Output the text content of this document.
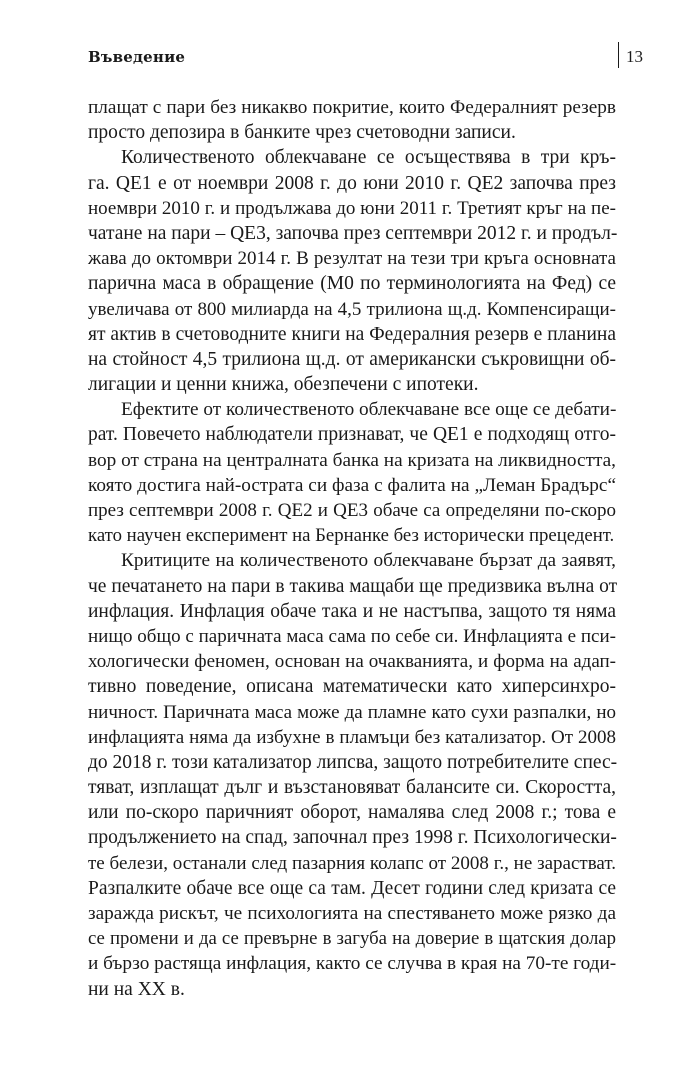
Въведение	13
плащат с пари без никакво покритие, които Федералният резерв
просто депозира в банките чрез счетоводни записи.
Количественото облекчаване се осъществява в три кръ-
га. QE1 е от ноември 2008 г. до юни 2010 г. QE2 започва през
ноември 2010 г. и продължава до юни 2011 г. Третият кръг на пе-
чатане на пари – QE3, започва през септември 2012 г. и продъл-
жава до октомври 2014 г. В резултат на тези три кръга основната
парична маса в обращение (M0 по терминологията на Фед) се
увеличава от 800 милиарда на 4,5 трилиона щ.д. Компенсиращи-
ят актив в счетоводните книги на Федералния резерв е планина
на стойност 4,5 трилиона щ.д. от американски съкровищни об-
лигации и ценни книжа, обезпечени с ипотеки.
Ефектите от количественото облекчаване все още се дебати-
рат. Повечето наблюдатели признават, че QE1 е подходящ отго-
вор от страна на централната банка на кризата на ликвидността,
която достига най-острата си фаза с фалита на „Леман Брадърс“
през септември 2008 г. QE2 и QE3 обаче са определяни по-скоро
като научен експеримент на Бернанке без исторически прецедент.
Критиците на количественото облекчаване бързат да заявят,
че печатането на пари в такива мащаби ще предизвика вълна от
инфлация. Инфлация обаче така и не настъпва, защото тя няма
нищо общо с паричната маса сама по себе си. Инфлацията е пси-
хологически феномен, основан на очакванията, и форма на адап-
тивно поведение, описана математически като хиперсинхро-
ничност. Паричната маса може да пламне като сухи разпалки, но
инфлацията няма да избухне в пламъци без катализатор. От 2008
до 2018 г. този катализатор липсва, защото потребителите спес-
тяват, изплащат дълг и възстановяват балансите си. Скоростта,
или по-скоро паричният оборот, намалява след 2008 г.; това е
продължението на спад, започнал през 1998 г. Психологически-
те белези, останали след пазарния колапс от 2008 г., не зарастват.
Разпалките обаче все още са там. Десет години след кризата се
заражда рискът, че психологията на спестяването може рязко да
се промени и да се превърне в загуба на доверие в щатския долар
и бързо растяща инфлация, както се случва в края на 70-те годи-
ни на XX в.
